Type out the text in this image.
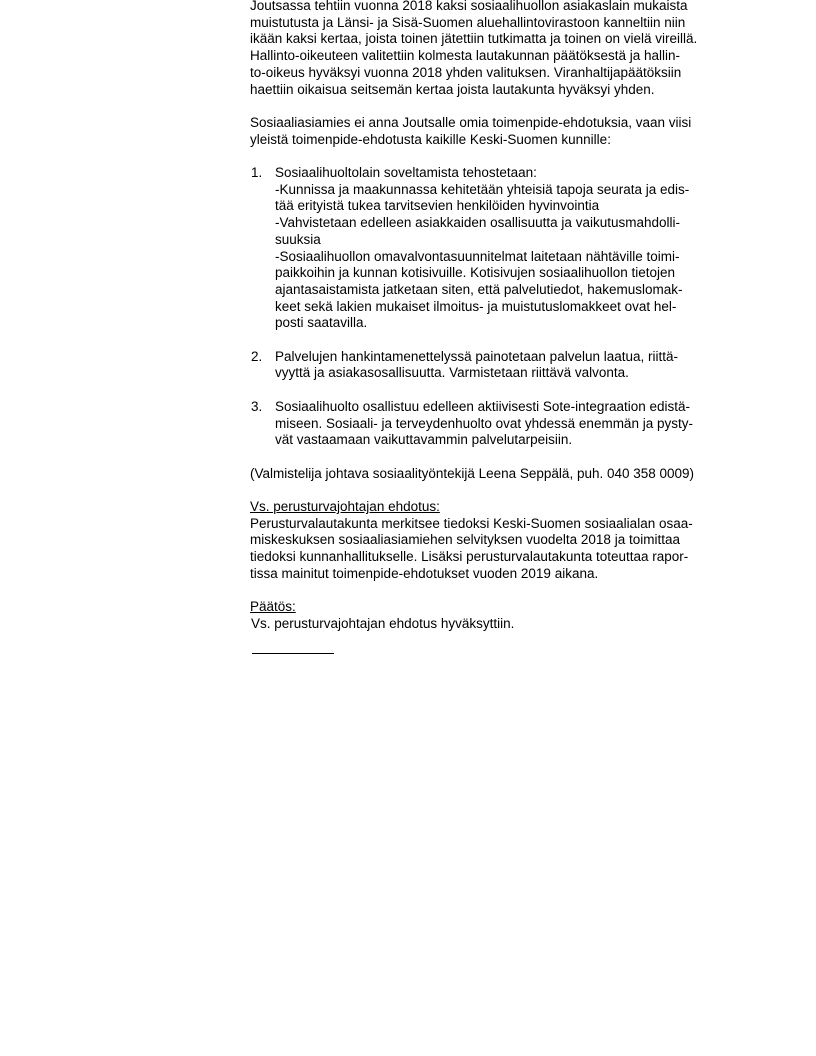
Joutsassa tehtiin vuonna 2018 kaksi sosiaalihuollon asiakaslain mukaista
muistutusta ja Länsi- ja Sisä-Suomen aluehallintovirastoon kanneltiin niin
ikään kaksi kertaa, joista toinen jätettiin tutkimatta ja toinen on vielä vireillä.
Hallinto-oikeuteen valitettiin kolmesta lautakunnan päätöksestä ja hallin-
to-oikeus hyväksyi vuonna 2018 yhden valituksen. Viranhaltijapäätöksiin
haettiin oikaisua seitsemän kertaa joista lautakunta hyväksyi yhden.
Sosiaaliasiamies ei anna Joutsalle omia toimenpide-ehdotuksia, vaan viisi
yleistä toimenpide-ehdotusta kaikille Keski-Suomen kunnille:
1. Sosiaalihuoltolain soveltamista tehostetaan:
-Kunnissa ja maakunnassa kehitetään yhteisiä tapoja seurata ja edis-
tää erityistä tukea tarvitsevien henkilöiden hyvinvointia
-Vahvistetaan edelleen asiakkaiden osallisuutta ja vaikutusmahdolli-
suuksia
-Sosiaalihuollon omavalvontasuunnitelmat laitetaan nähtäville toimi-
paikkoihin ja kunnan kotisivuille. Kotisivujen sosiaalihuollon tietojen
ajantasaistamista jatketaan siten, että palvelutiedot, hakemuslomak-
keet sekä lakien mukaiset ilmoitus- ja muistutuslomakkeet ovat hel-
posti saatavilla.
2. Palvelujen hankintamenettelyssä painotetaan palvelun laatua, riittä-
vyyttä ja asiakasosallisuutta. Varmistetaan riittävä valvonta.
3. Sosiaalihuolto osallistuu edelleen aktiivisesti Sote-integraation edistä-
miseen. Sosiaali- ja terveydenhuolto ovat yhdessä enemmän ja pysty-
vät vastaamaan vaikuttavammin palvelutarpeisiin.
(Valmistelija johtava sosiaalityöntekijä Leena Seppälä, puh. 040 358 0009)
Vs. perusturvajohtajan ehdotus:
Perusturvalautakunta merkitsee tiedoksi Keski-Suomen sosiaalialan osaa-
miskeskuksen sosiaaliasiamiehen selvityksen vuodelta 2018 ja toimittaa
tiedoksi kunnanhallitukselle. Lisäksi perusturvalautakunta toteuttaa rapor-
tissa mainitut toimenpide-ehdotukset vuoden 2019 aikana.
Päätös:
Vs. perusturvajohtajan ehdotus hyväksyttiin.
